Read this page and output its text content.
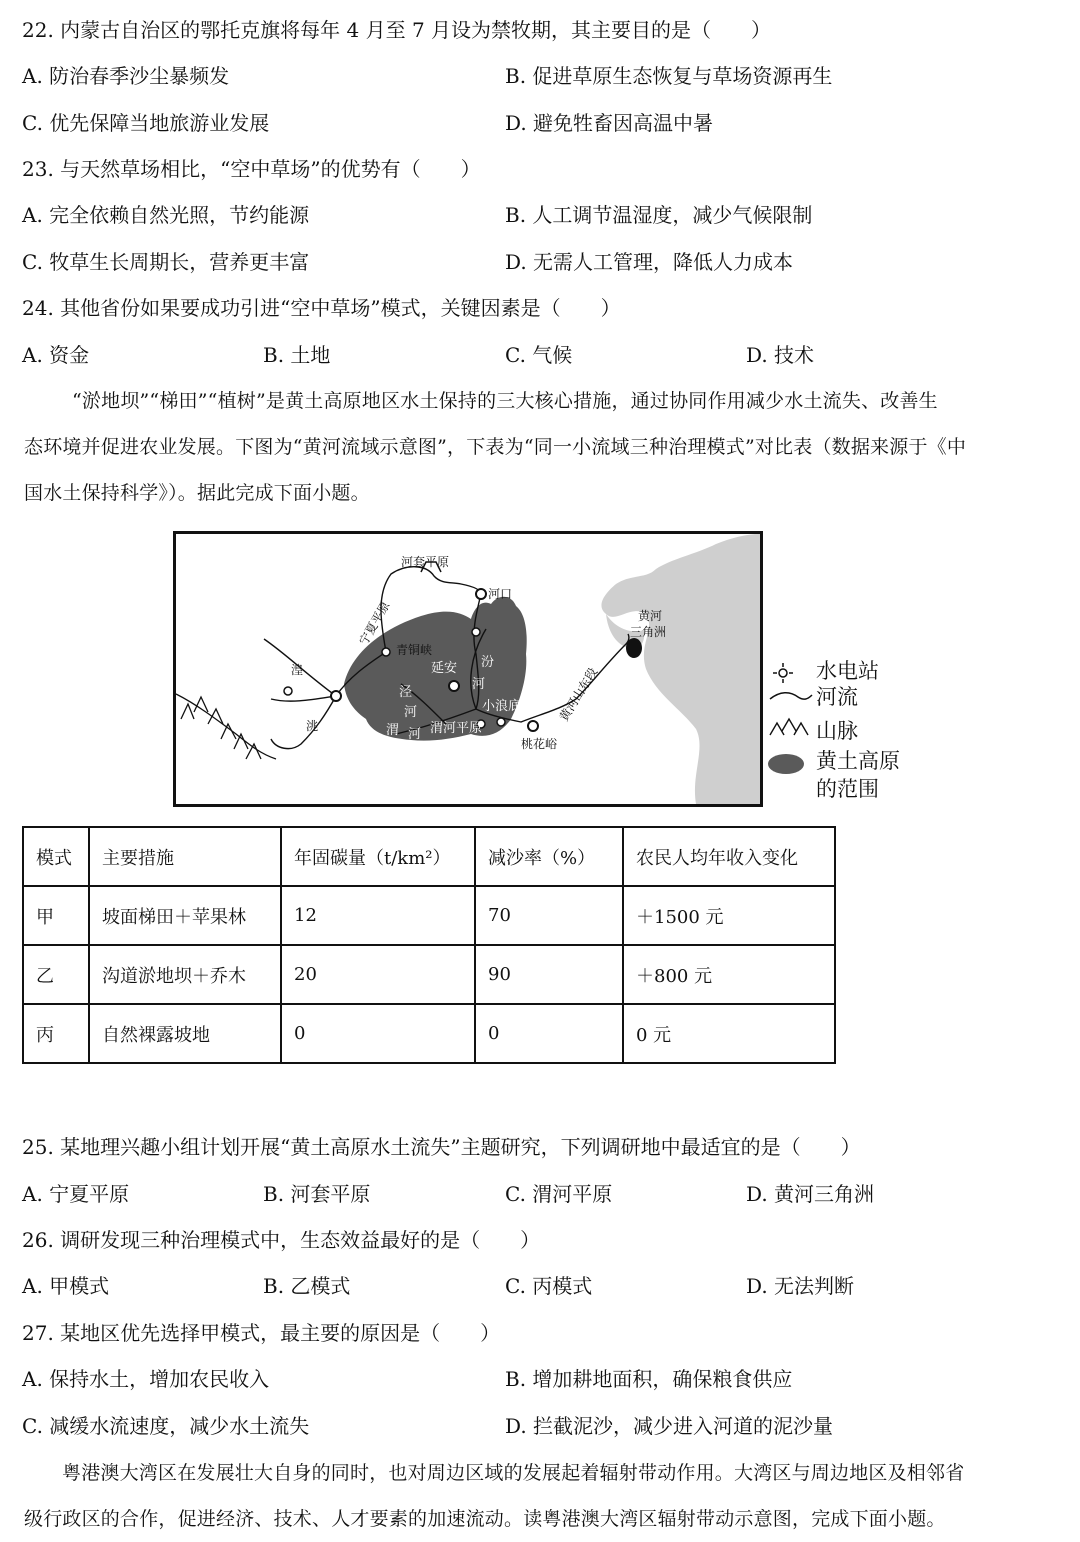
22. 内蒙古自治区的鄂托克旗将每年 4 月至 7 月设为禁牧期，其主要目的是（　　）
A. 防治春季沙尘暴频发	B. 促进草原生态恢复与草场资源再生
C. 优先保障当地旅游业发展	D. 避免牲畜因高温中暑
23. 与天然草场相比，“空中草场”的优势有（　　）
A. 完全依赖自然光照，节约能源	B. 人工调节温湿度，减少气候限制
C. 牧草生长周期长，营养更丰富	D. 无需人工管理，降低人力成本
24. 其他省份如果要成功引进“空中草场”模式，关键因素是（　　）
A. 资金	B. 土地	C. 气候	D. 技术

“淤地坝”“梯田”“植树”是黄土高原地区水土保持的三大核心措施，通过协同作用减少水土流失、改善生

态环境并促进农业发展。下图为“黄河流域示意图”，下表为“同一小流域三种治理模式”对比表（数据来源于《中

国水土保持科学》）。据此完成下面小题。

河套平原
河口
宁夏平原
青铜峡
湟
水
洮 水
延安 汾
河
泾
河
渭 河 渭河平原
小浪底
桃花峪
黄河山东段
黄河
三角洲
水电站
河流
山脉
黄土高原
的范围
模式	主要措施	年固碳量（t/km²）	减沙率（%）	农民人均年收入变化
甲	坡面梯田＋苹果林	12	70	＋1500 元
乙	沟道淤地坝＋乔木	20	90	＋800 元
丙	自然裸露坡地	0	0	0 元
25. 某地理兴趣小组计划开展“黄土高原水土流失”主题研究，下列调研地中最适宜的是（　　）
A. 宁夏平原	B. 河套平原	C. 渭河平原	D. 黄河三角洲
26. 调研发现三种治理模式中，生态效益最好的是（　　）
A. 甲模式	B. 乙模式	C. 丙模式	D. 无法判断
27. 某地区优先选择甲模式，最主要的原因是（　　）
A. 保持水土，增加农民收入	B. 增加耕地面积，确保粮食供应
C. 减缓水流速度，减少水土流失	D. 拦截泥沙，减少进入河道的泥沙量

粤港澳大湾区在发展壮大自身的同时，也对周边区域的发展起着辐射带动作用。大湾区与周边地区及相邻省

级行政区的合作，促进经济、技术、人才要素的加速流动。读粤港澳大湾区辐射带动示意图，完成下面小题。
